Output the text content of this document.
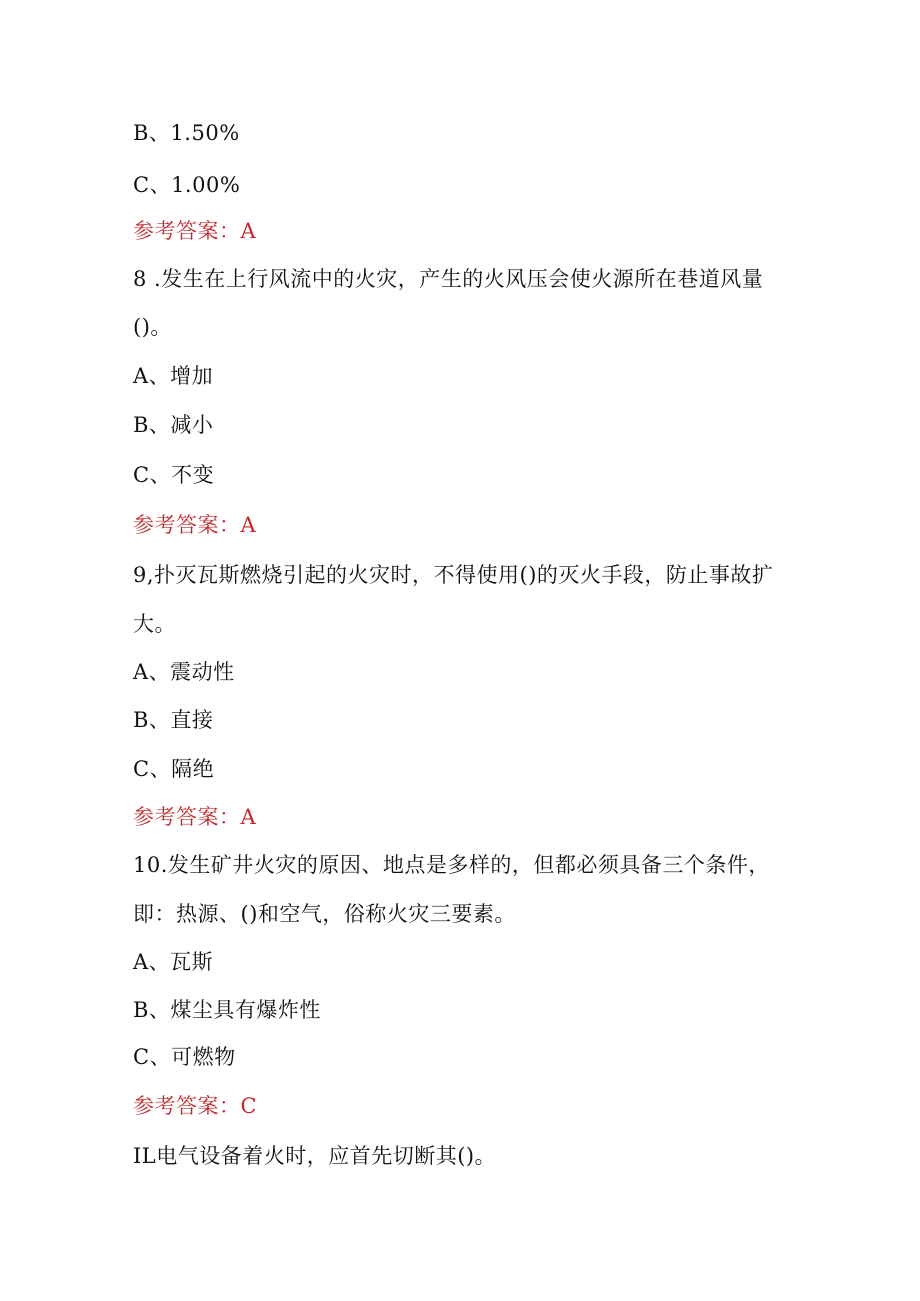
B、1.50%
C、1.00%
参考答案：A
8 .发生在上行风流中的火灾，产生的火风压会使火源所在巷道风量
()。
A、增加
B、减小
C、不变
参考答案：A
9,扑灭瓦斯燃烧引起的火灾时，不得使用()的灭火手段，防止事故扩
大。
A、震动性
B、直接
C、隔绝
参考答案：A
10.发生矿井火灾的原因、地点是多样的，但都必须具备三个条件，
即：热源、()和空气，俗称火灾三要素。
A、瓦斯
B、煤尘具有爆炸性
C、可燃物
参考答案：C
IL电气设备着火时，应首先切断其()。
